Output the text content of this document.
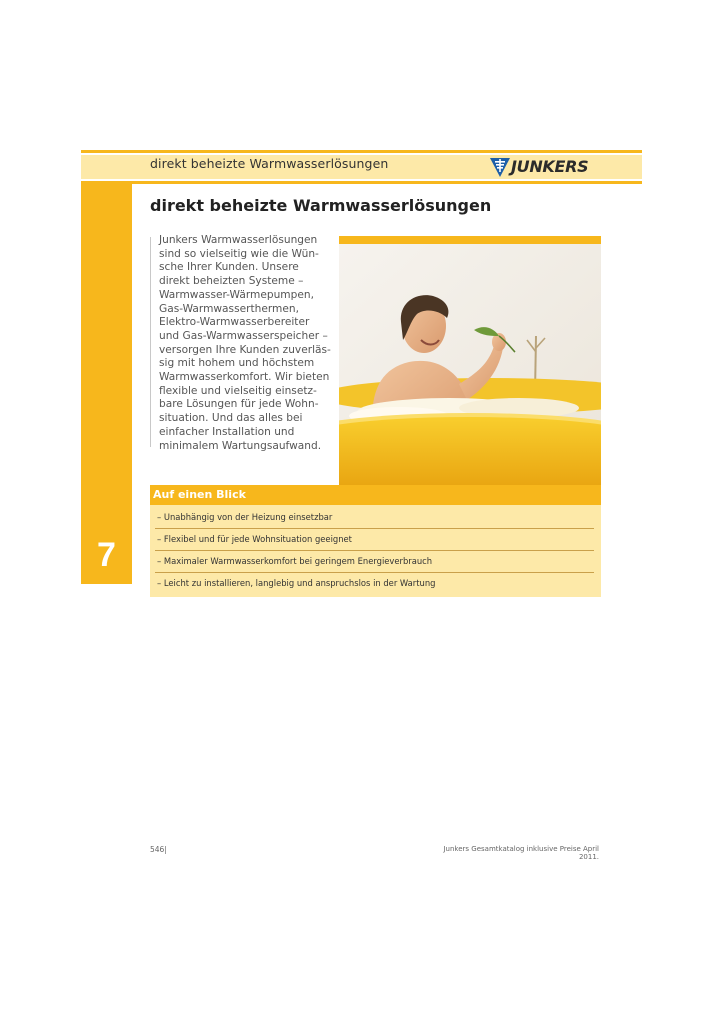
direkt beheizte Warmwasserlösungen	JUNKERS
7
direkt beheizte Warmwasserlösungen
Junkers Warmwasserlösungen
sind so vielseitig wie die Wün-
sche Ihrer Kunden. Unsere
direkt beheizten Systeme –
Warmwasser-Wärmepumpen,
Gas-Warmwasserthermen,
Elektro-Warmwasserbereiter
und Gas-Warmwasserspeicher –
versorgen Ihre Kunden zuverläs-
sig mit hohem und höchstem
Warmwasserkomfort. Wir bieten
flexible und vielseitig einsetz-
bare Lösungen für jede Wohn-
situation. Und das alles bei
einfacher Installation und
minimalem Wartungsaufwand.
Auf einen Blick
– Unabhängig von der Heizung einsetzbar
– Flexibel und für jede Wohnsituation geeignet
– Maximaler Warmwasserkomfort bei geringem Energieverbrauch
– Leicht zu installieren, langlebig und anspruchslos in der Wartung
546|	Junkers Gesamtkatalog inklusive Preise April 2011.
